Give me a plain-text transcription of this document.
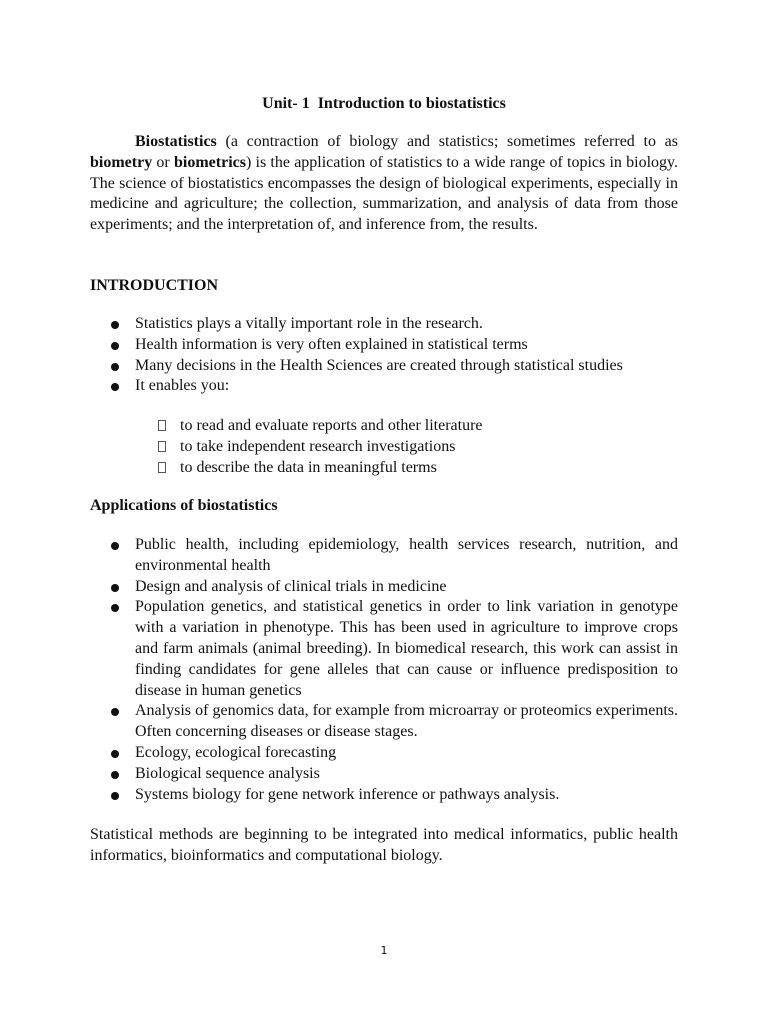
Unit- 1  Introduction to biostatistics

Biostatistics (a contraction of biology and statistics; sometimes referred to as biometry or biometrics) is the application of statistics to a wide range of topics in biology. The science of biostatistics encompasses the design of biological experiments, especially in medicine and agriculture; the collection, summarization, and analysis of data from those experiments; and the interpretation of, and inference from, the results.

INTRODUCTION
Statistics plays a vitally important role in the research.
Health information is very often explained in statistical terms
Many decisions in the Health Sciences are created through statistical studies
It enables you:
to read and evaluate reports and other literature
to take independent research investigations
to describe the data in meaningful terms
Applications of biostatistics
Public health, including epidemiology, health services research, nutrition, and environmental health
Design and analysis of clinical trials in medicine
Population genetics, and statistical genetics in order to link variation in genotype with a variation in phenotype. This has been used in agriculture to improve crops and farm animals (animal breeding). In biomedical research, this work can assist in finding candidates for gene alleles that can cause or influence predisposition to disease in human genetics
Analysis of genomics data, for example from microarray or proteomics experiments. Often concerning diseases or disease stages.
Ecology, ecological forecasting
Biological sequence analysis
Systems biology for gene network inference or pathways analysis.

Statistical methods are beginning to be integrated into medical informatics, public health informatics, bioinformatics and computational biology.

1
